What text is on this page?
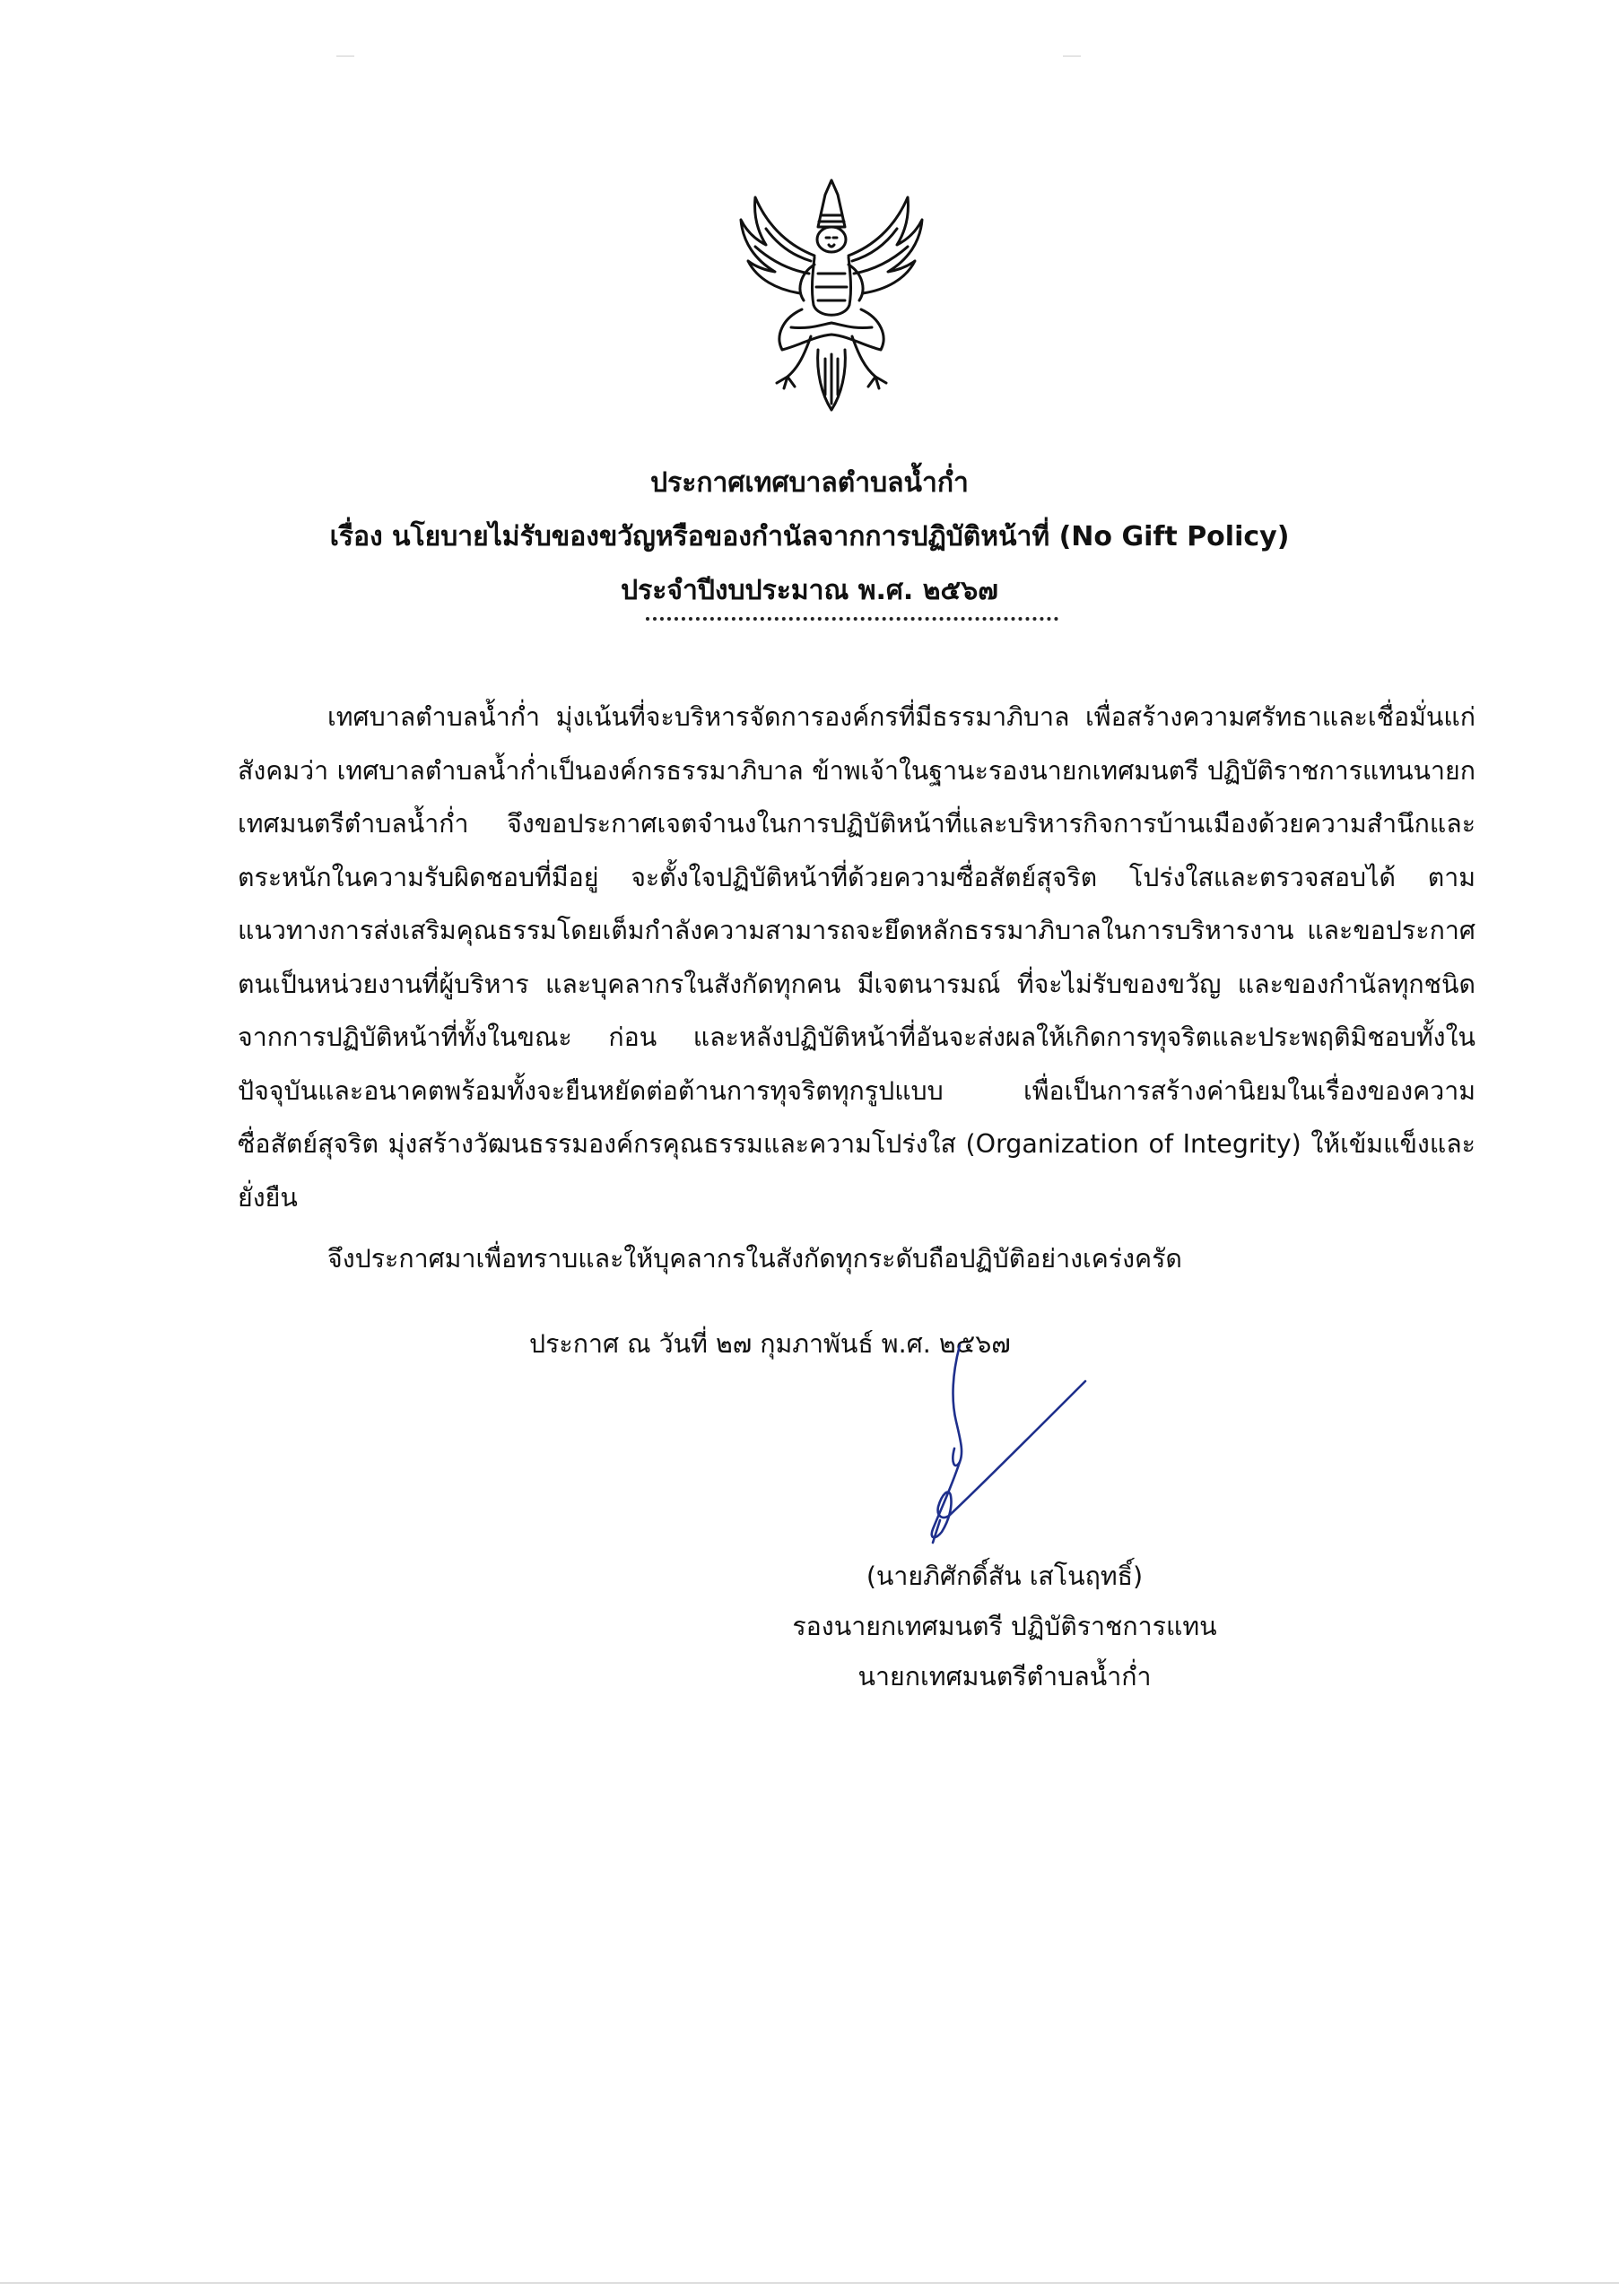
ประกาศเทศบาลตำบลน้ำก่ำ
เรื่อง นโยบายไม่รับของขวัญหรือของกำนัลจากการปฏิบัติหน้าที่ (No Gift Policy)
ประจำปีงบประมาณ พ.ศ. ๒๕๖๗

เทศบาลตำบลน้ำก่ำ มุ่งเน้นที่จะบริหารจัดการองค์กรที่มีธรรมาภิบาล เพื่อสร้างความศรัทธาและเชื่อมั่นแก่สังคมว่า เทศบาลตำบลน้ำก่ำเป็นองค์กรธรรมาภิบาล ข้าพเจ้าในฐานะรองนายกเทศมนตรี ปฏิบัติราชการแทนนายกเทศมนตรีตำบลน้ำก่ำ จึงขอประกาศเจตจำนงในการปฏิบัติหน้าที่และบริหารกิจการบ้านเมืองด้วยความสำนึกและตระหนักในความรับผิดชอบที่มีอยู่ จะตั้งใจปฏิบัติหน้าที่ด้วยความซื่อสัตย์สุจริต โปร่งใสและตรวจสอบได้ ตามแนวทางการส่งเสริมคุณธรรมโดยเต็มกำลังความสามารถจะยึดหลักธรรมาภิบาลในการบริหารงาน และขอประกาศตนเป็นหน่วยงานที่ผู้บริหาร และบุคลากรในสังกัดทุกคน มีเจตนารมณ์ ที่จะไม่รับของขวัญ และของกำนัลทุกชนิดจากการปฏิบัติหน้าที่ทั้งในขณะ ก่อน และหลังปฏิบัติหน้าที่อันจะส่งผลให้เกิดการทุจริตและประพฤติมิชอบทั้งในปัจจุบันและอนาคตพร้อมทั้งจะยืนหยัดต่อต้านการทุจริตทุกรูปแบบ เพื่อเป็นการสร้างค่านิยมในเรื่องของความซื่อสัตย์สุจริต มุ่งสร้างวัฒนธรรมองค์กรคุณธรรมและความโปร่งใส (Organization of Integrity) ให้เข้มแข็งและยั่งยืน

จึงประกาศมาเพื่อทราบและให้บุคลากรในสังกัดทุกระดับถือปฏิบัติอย่างเคร่งครัด
ประกาศ ณ วันที่ ๒๗ กุมภาพันธ์ พ.ศ. ๒๕๖๗
(นายภิศักดิ์สัน เสโนฤทธิ์)
รองนายกเทศมนตรี ปฏิบัติราชการแทน
นายกเทศมนตรีตำบลน้ำก่ำ
